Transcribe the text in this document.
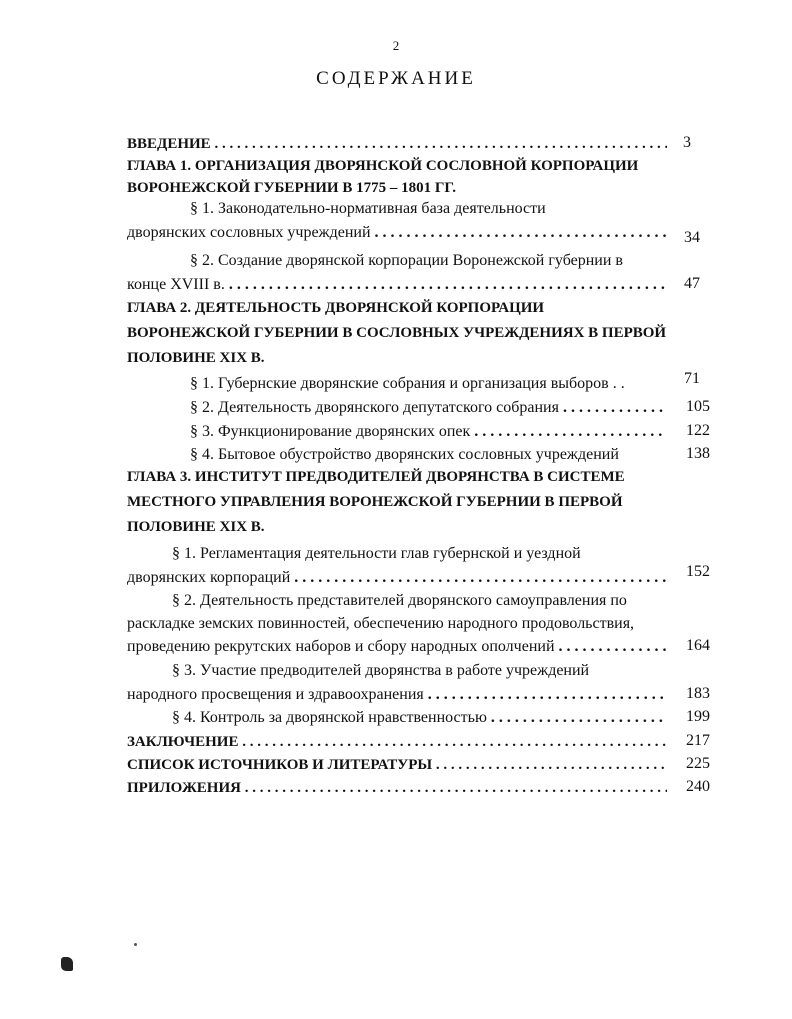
2
СОДЕРЖАНИЕ
ВВЕДЕНИЕ . . .	3
ГЛАВА 1. ОРГАНИЗАЦИЯ ДВОРЯНСКОЙ СОСЛОВНОЙ КОРПОРАЦИИ
ВОРОНЕЖСКОЙ ГУБЕРНИИ В 1775 – 1801 ГГ.
§ 1. Законодательно-нормативная база деятельности
дворянских сословных учреждений . . .	34
§ 2. Создание дворянской корпорации Воронежской губернии в
конце XVIII в. . . .	47
ГЛАВА 2. ДЕЯТЕЛЬНОСТЬ ДВОРЯНСКОЙ КОРПОРАЦИИ
ВОРОНЕЖСКОЙ ГУБЕРНИИ В СОСЛОВНЫХ УЧРЕЖДЕНИЯХ В ПЕРВОЙ
ПОЛОВИНЕ XIX В.
§ 1. Губернские дворянские собрания и организация выборов . .	71
§ 2. Деятельность дворянского депутатского собрания . . .	105
§ 3. Функционирование дворянских опек . . .	122
§ 4. Бытовое обустройство дворянских сословных учреждений	138
ГЛАВА 3. ИНСТИТУТ ПРЕДВОДИТЕЛЕЙ ДВОРЯНСТВА В СИСТЕМЕ
МЕСТНОГО УПРАВЛЕНИЯ ВОРОНЕЖСКОЙ ГУБЕРНИИ В ПЕРВОЙ
ПОЛОВИНЕ XIX В.
§ 1. Регламентация деятельности глав губернской и уездной
дворянских корпораций . . .	152
§ 2. Деятельность представителей дворянского самоуправления по
раскладке земских повинностей, обеспечению народного продовольствия,
проведению рекрутских наборов и сбору народных ополчений . . .	164
§ 3. Участие предводителей дворянства в работе учреждений
народного просвещения и здравоохранения . . .	183
§ 4. Контроль за дворянской нравственностью . . .	199
ЗАКЛЮЧЕНИЕ . . .	217
СПИСОК ИСТОЧНИКОВ И ЛИТЕРАТУРЫ . . .	225
ПРИЛОЖЕНИЯ . . .	240
